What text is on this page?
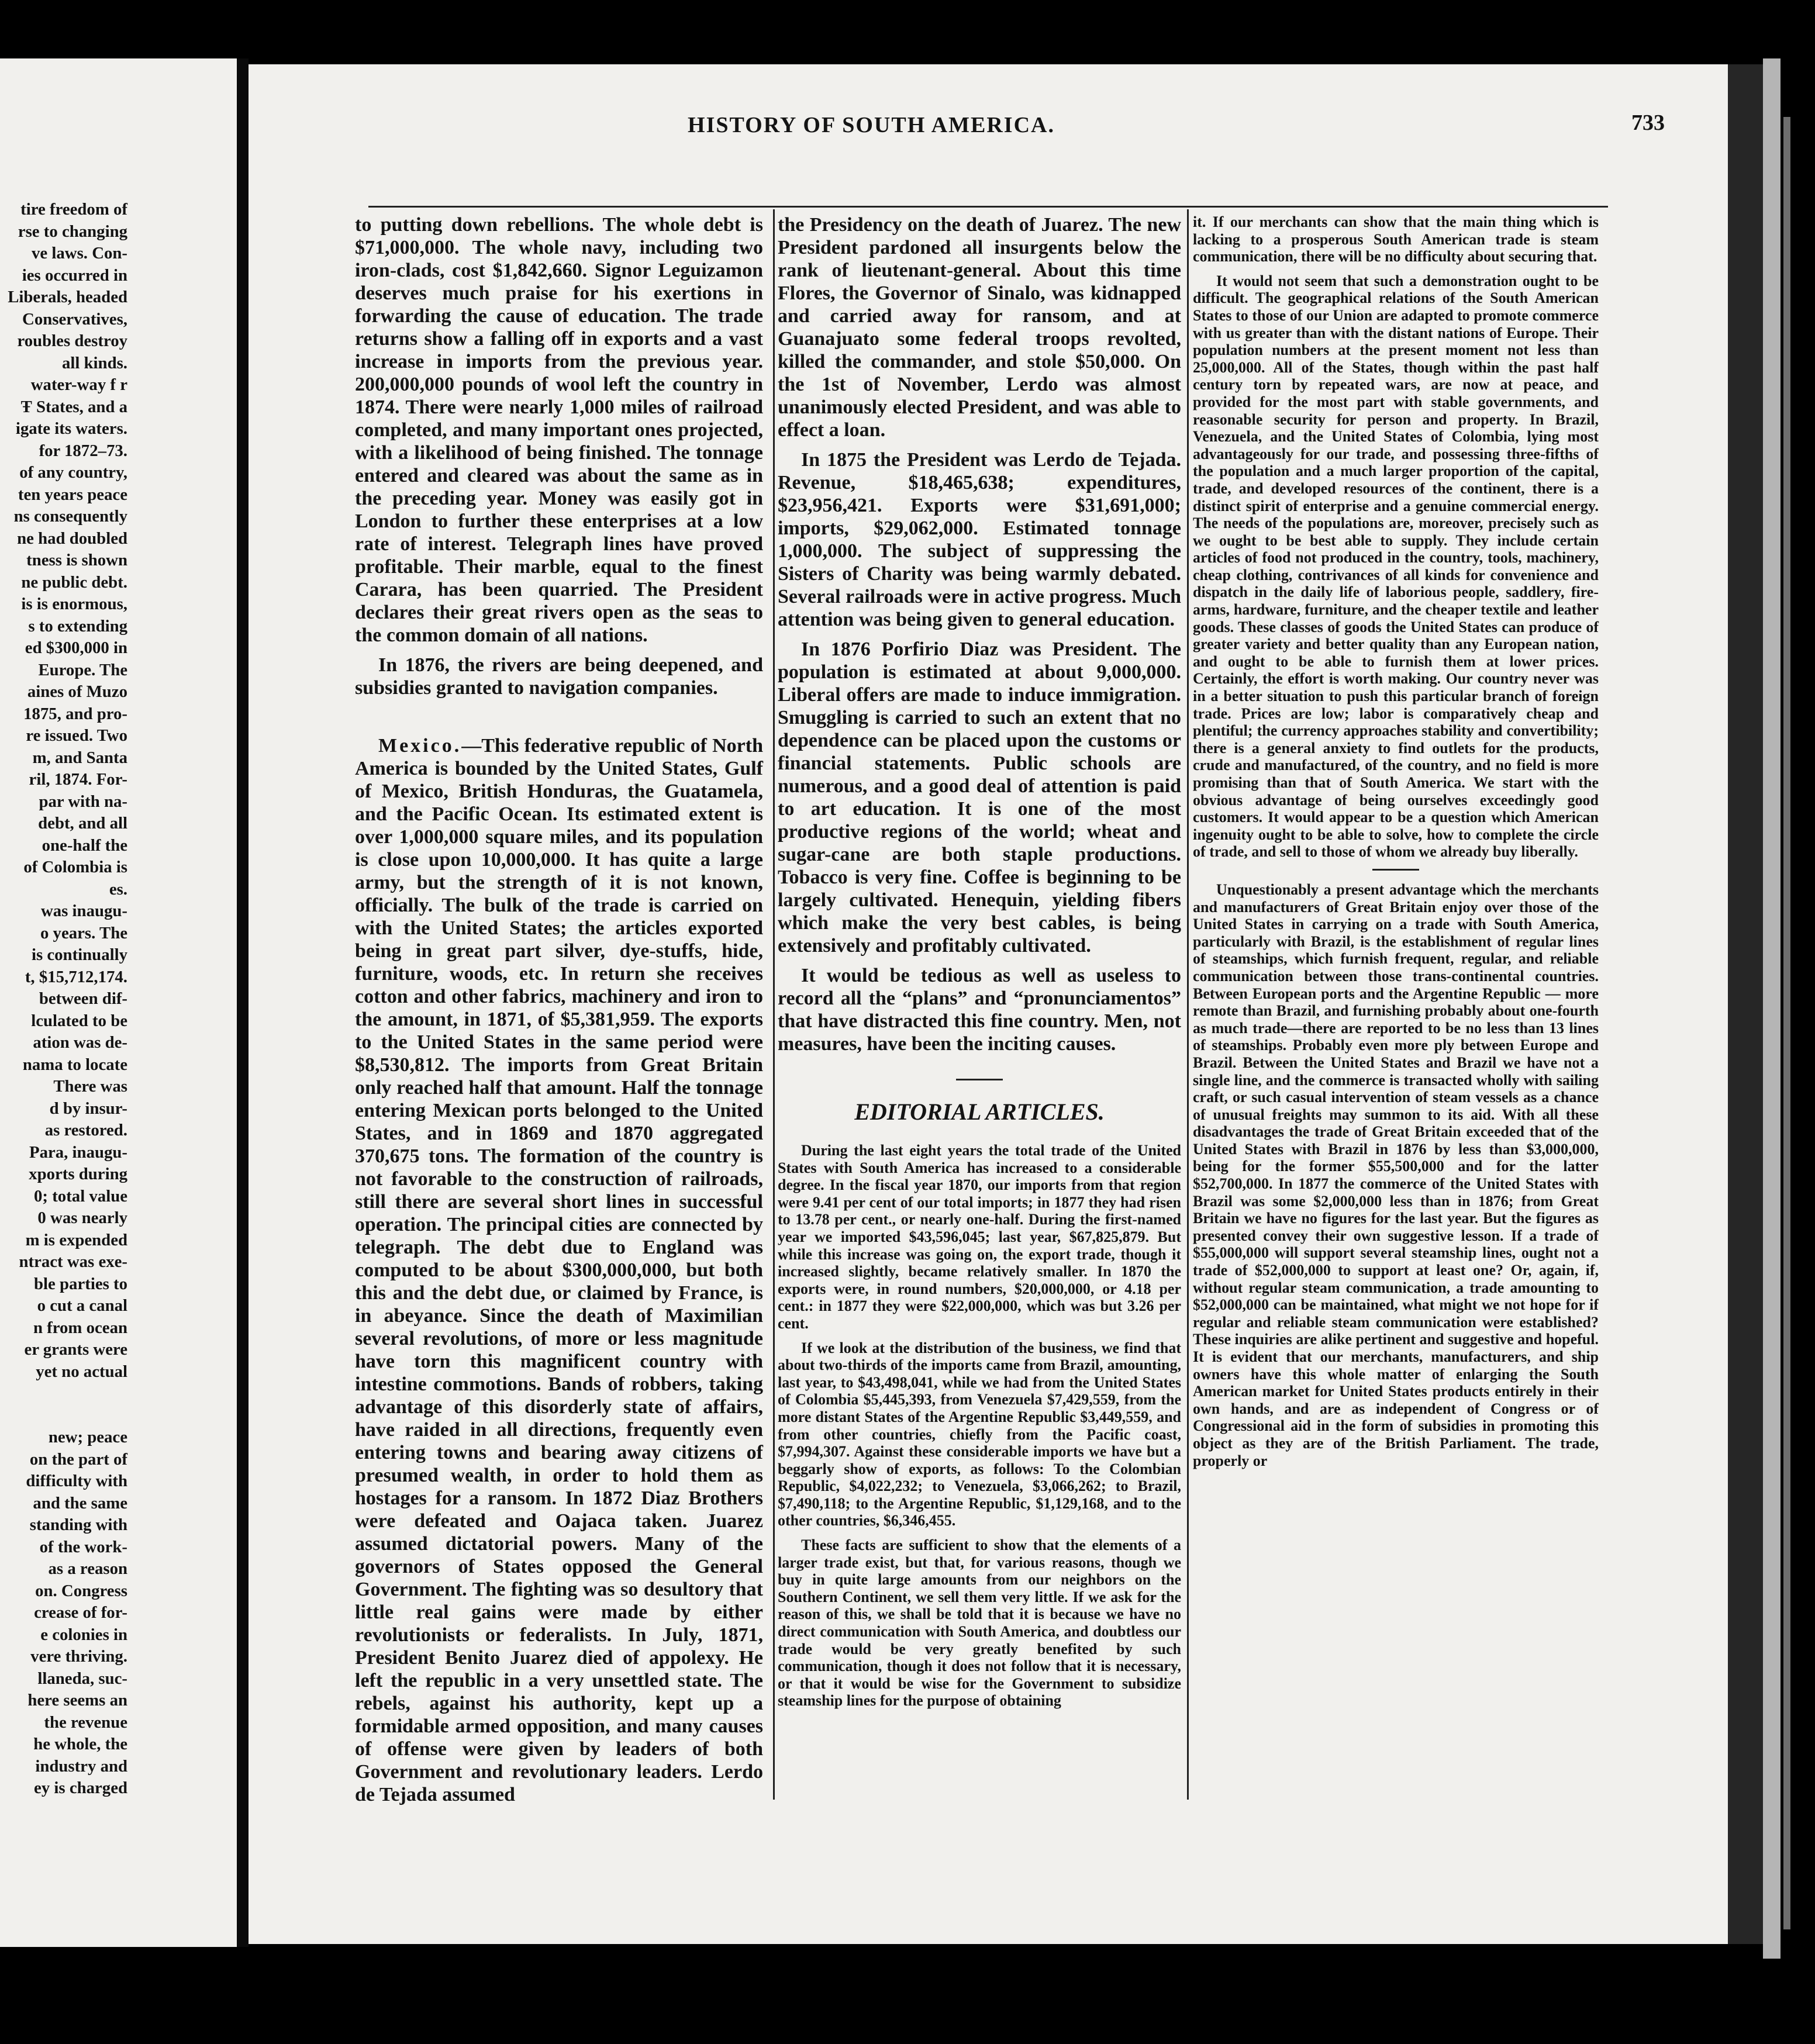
tire freedom of
rse to changing
ve laws. Con-
ies occurred in
Liberals, headed
Conservatives,
roubles destroy
all kinds.
water-way f r
Ŧ States, and a
igate its waters.
for 1872–73.
of any country,
ten years peace
ns consequently
ne had doubled
tness is shown
ne public debt.
is is enormous,
s to extending
ed $300,000 in
Europe. The
aines of Muzo
1875, and pro-
re issued. Two
m, and Santa
ril, 1874. For-
par with na-
debt, and all
one-half the
of Colombia is
es.
was inaugu-
o years. The
is continually
t, $15,712,174.
between dif-
lculated to be
ation was de-
nama to locate
There was
d by insur-
as restored.
Para, inaugu-
xports during
0; total value
0 was nearly
m is expended
ntract was exe-
ble parties to
o cut a canal
n from ocean
er grants were
yet no actual
new; peace
on the part of
difficulty with
and the same
standing with
of the work-
as a reason
on. Congress
crease of for-
e colonies in
vere thriving.
llaneda, suc-
here seems an
the revenue
he whole, the
industry and
ey is charged
HISTORY OF SOUTH AMERICA.	733

to putting down rebellions. The whole debt is $71,000,000. The whole navy, including two iron-clads, cost $1,842,660. Signor Leguizamon deserves much praise for his exertions in forwarding the cause of education. The trade returns show a falling off in exports and a vast increase in imports from the previous year. 200,000,000 pounds of wool left the country in 1874. There were nearly 1,000 miles of railroad completed, and many important ones projected, with a likelihood of being finished. The tonnage entered and cleared was about the same as in the preceding year. Money was easily got in London to further these enterprises at a low rate of interest. Telegraph lines have proved profitable. Their marble, equal to the finest Carara, has been quarried. The President declares their great rivers open as the seas to the common domain of all nations.

In 1876, the rivers are being deepened, and subsidies granted to navigation companies.

Mexico.—This federative republic of North America is bounded by the United States, Gulf of Mexico, British Honduras, the Guatamela, and the Pacific Ocean. Its estimated extent is over 1,000,000 square miles, and its population is close upon 10,000,000. It has quite a large army, but the strength of it is not known, officially. The bulk of the trade is carried on with the United States; the articles exported being in great part silver, dye-stuffs, hide, furniture, woods, etc. In return she receives cotton and other fabrics, machinery and iron to the amount, in 1871, of $5,381,959. The exports to the United States in the same period were $8,530,812. The imports from Great Britain only reached half that amount. Half the tonnage entering Mexican ports belonged to the United States, and in 1869 and 1870 aggregated 370,675 tons. The formation of the country is not favorable to the construction of railroads, still there are several short lines in successful operation. The principal cities are connected by telegraph. The debt due to England was computed to be about $300,000,000, but both this and the debt due, or claimed by France, is in abeyance. Since the death of Maximilian several revolutions, of more or less magnitude have torn this magnificent country with intestine commotions. Bands of robbers, taking advantage of this disorderly state of affairs, have raided in all directions, frequently even entering towns and bearing away citizens of presumed wealth, in order to hold them as hostages for a ransom. In 1872 Diaz Brothers were defeated and Oajaca taken. Juarez assumed dictatorial powers. Many of the governors of States opposed the General Government. The fighting was so desultory that little real gains were made by either revolutionists or federalists. In July, 1871, President Benito Juarez died of appolexy. He left the republic in a very unsettled state. The rebels, against his authority, kept up a formidable armed opposition, and many causes of offense were given by leaders of both Government and revolutionary leaders. Lerdo de Tejada assumed

the Presidency on the death of Juarez. The new President pardoned all insurgents below the rank of lieutenant-general. About this time Flores, the Governor of Sinalo, was kidnapped and carried away for ransom, and at Guanajuato some federal troops revolted, killed the commander, and stole $50,000. On the 1st of November, Lerdo was almost unanimously elected President, and was able to effect a loan.

In 1875 the President was Lerdo de Tejada. Revenue, $18,465,638; expenditures, $23,956,421. Exports were $31,691,000; imports, $29,062,000. Estimated tonnage 1,000,000. The subject of suppressing the Sisters of Charity was being warmly debated. Several railroads were in active progress. Much attention was being given to general education.

In 1876 Porfirio Diaz was President. The population is estimated at about 9,000,000. Liberal offers are made to induce immigration. Smuggling is carried to such an extent that no dependence can be placed upon the customs or financial statements. Public schools are numerous, and a good deal of attention is paid to art education. It is one of the most productive regions of the world; wheat and sugar-cane are both staple productions. Tobacco is very fine. Coffee is beginning to be largely cultivated. Henequin, yielding fibers which make the very best cables, is being extensively and profitably cultivated.

It would be tedious as well as useless to record all the “plans” and “pronunciamentos” that have distracted this fine country. Men, not measures, have been the inciting causes.

EDITORIAL ARTICLES.

During the last eight years the total trade of the United States with South America has increased to a considerable degree. In the fiscal year 1870, our imports from that region were 9.41 per cent of our total imports; in 1877 they had risen to 13.78 per cent., or nearly one-half. During the first-named year we imported $43,596,045; last year, $67,825,879. But while this increase was going on, the export trade, though it increased slightly, became relatively smaller. In 1870 the exports were, in round numbers, $20,000,000, or 4.18 per cent.: in 1877 they were $22,000,000, which was but 3.26 per cent.

If we look at the distribution of the business, we find that about two-thirds of the imports came from Brazil, amounting, last year, to $43,498,041, while we had from the United States of Colombia $5,445,393, from Venezuela $7,429,559, from the more distant States of the Argentine Republic $3,449,559, and from other countries, chiefly from the Pacific coast, $7,994,307. Against these considerable imports we have but a beggarly show of exports, as follows: To the Colombian Republic, $4,022,232; to Venezuela, $3,066,262; to Brazil, $7,490,118; to the Argentine Republic, $1,129,168, and to the other countries, $6,346,455.

These facts are sufficient to show that the elements of a larger trade exist, but that, for various reasons, though we buy in quite large amounts from our neighbors on the Southern Continent, we sell them very little. If we ask for the reason of this, we shall be told that it is because we have no direct communication with South America, and doubtless our trade would be very greatly benefited by such communication, though it does not follow that it is necessary, or that it would be wise for the Government to subsidize steamship lines for the purpose of obtaining

it. If our merchants can show that the main thing which is lacking to a prosperous South American trade is steam communication, there will be no difficulty about securing that.

It would not seem that such a demonstration ought to be difficult. The geographical relations of the South American States to those of our Union are adapted to promote commerce with us greater than with the distant nations of Europe. Their population numbers at the present moment not less than 25,000,000. All of the States, though within the past half century torn by repeated wars, are now at peace, and provided for the most part with stable governments, and reasonable security for person and property. In Brazil, Venezuela, and the United States of Colombia, lying most advantageously for our trade, and possessing three-fifths of the population and a much larger proportion of the capital, trade, and developed resources of the continent, there is a distinct spirit of enterprise and a genuine commercial energy. The needs of the populations are, moreover, precisely such as we ought to be best able to supply. They include certain articles of food not produced in the country, tools, machinery, cheap clothing, contrivances of all kinds for convenience and dispatch in the daily life of laborious people, saddlery, fire-arms, hardware, furniture, and the cheaper textile and leather goods. These classes of goods the United States can produce of greater variety and better quality than any European nation, and ought to be able to furnish them at lower prices. Certainly, the effort is worth making. Our country never was in a better situation to push this particular branch of foreign trade. Prices are low; labor is comparatively cheap and plentiful; the currency approaches stability and convertibility; there is a general anxiety to find outlets for the products, crude and manufactured, of the country, and no field is more promising than that of South America. We start with the obvious advantage of being ourselves exceedingly good customers. It would appear to be a question which American ingenuity ought to be able to solve, how to complete the circle of trade, and sell to those of whom we already buy liberally.

Unquestionably a present advantage which the merchants and manufacturers of Great Britain enjoy over those of the United States in carrying on a trade with South America, particularly with Brazil, is the establishment of regular lines of steamships, which furnish frequent, regular, and reliable communication between those trans-continental countries. Between European ports and the Argentine Republic — more remote than Brazil, and furnishing probably about one-fourth as much trade—there are reported to be no less than 13 lines of steamships. Probably even more ply between Europe and Brazil. Between the United States and Brazil we have not a single line, and the commerce is transacted wholly with sailing craft, or such casual intervention of steam vessels as a chance of unusual freights may summon to its aid. With all these disadvantages the trade of Great Britain exceeded that of the United States with Brazil in 1876 by less than $3,000,000, being for the former $55,500,000 and for the latter $52,700,000. In 1877 the commerce of the United States with Brazil was some $2,000,000 less than in 1876; from Great Britain we have no figures for the last year. But the figures as presented convey their own suggestive lesson. If a trade of $55,000,000 will support several steamship lines, ought not a trade of $52,000,000 to support at least one? Or, again, if, without regular steam communication, a trade amounting to $52,000,000 can be maintained, what might we not hope for if regular and reliable steam communication were established? These inquiries are alike pertinent and suggestive and hopeful. It is evident that our merchants, manufacturers, and ship owners have this whole matter of enlarging the South American market for United States products entirely in their own hands, and are as independent of Congress or of Congressional aid in the form of subsidies in promoting this object as they are of the British Parliament. The trade, properly or
